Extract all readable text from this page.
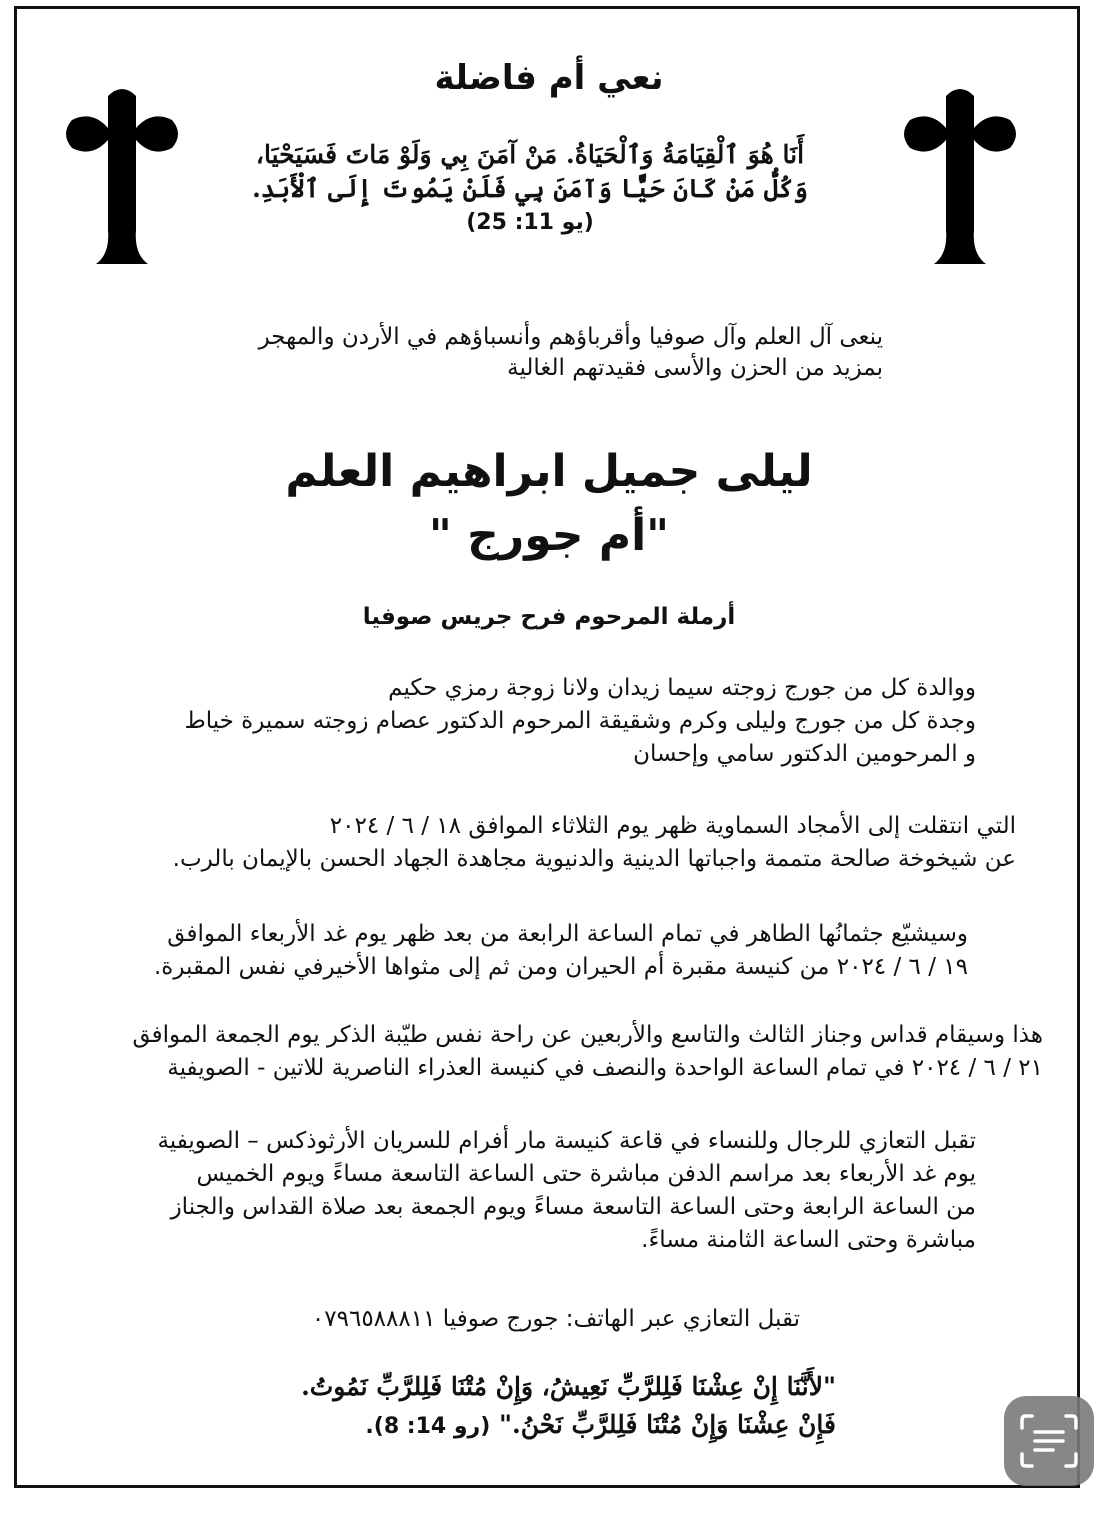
نعي أم فاضلة
أَنَا هُوَ ٱلْقِيَامَةُ وَٱلْحَيَاةُ. مَنْ آمَنَ بِي وَلَوْ مَاتَ فَسَيَحْيَا،
وَكُلُّ مَنْ كَانَ حَيًّا وَآمَنَ بِي فَلَنْ يَمُوتَ إِلَى ٱلْأَبَدِ.
(يو 11: 25)
ينعى آل العلم وآل صوفيا وأقرباؤهم وأنسباؤهم في الأردن والمهجر
بمزيد من الحزن والأسى فقيدتهم الغالية
ليلى جميل ابراهيم العلم
"أم جورج "
أرملة المرحوم فرح جريس صوفيا
ووالدة كل من جورج زوجته سيما زيدان ولانا زوجة رمزي حكيم
وجدة كل من جورج وليلى وكرم وشقيقة المرحوم الدكتور عصام زوجته سميرة خياط
و المرحومين الدكتور سامي وإحسان
التي انتقلت إلى الأمجاد السماوية ظهر يوم الثلاثاء الموافق ١٨ / ٦ / ٢٠٢٤
عن شيخوخة صالحة متممة واجباتها الدينية والدنيوية مجاهدة الجهاد الحسن بالإيمان بالرب.
وسيشيّع جثمانُها الطاهر في تمام الساعة الرابعة من بعد ظهر يوم غد الأربعاء الموافق
١٩ / ٦ / ٢٠٢٤ من كنيسة مقبرة أم الحيران ومن ثم إلى مثواها الأخيرفي نفس المقبرة.
هذا وسيقام قداس وجناز الثالث والتاسع والأربعين عن راحة نفس طيّبة الذكر يوم الجمعة الموافق
٢١ / ٦ / ٢٠٢٤ في تمام الساعة الواحدة والنصف في كنيسة العذراء الناصرية للاتين - الصويفية
تقبل التعازي للرجال وللنساء في قاعة كنيسة مار أفرام للسريان الأرثوذكس – الصويفية
يوم غد الأربعاء بعد مراسم الدفن مباشرة حتى الساعة التاسعة مساءً ويوم الخميس
من الساعة الرابعة وحتى الساعة التاسعة مساءً ويوم الجمعة بعد صلاة القداس والجناز
مباشرة وحتى الساعة الثامنة مساءً.
تقبل التعازي عبر الهاتف: جورج صوفيا ٠٧٩٦٥٨٨٨١١
"لأَنَّنَا إِنْ عِشْنَا فَلِلرَّبِّ نَعِيشُ، وَإِنْ مُتْنَا فَلِلرَّبِّ نَمُوتُ.
فَإِنْ عِشْنَا وَإِنْ مُتْنَا فَلِلرَّبِّ نَحْنُ." (رو 14: 8).
